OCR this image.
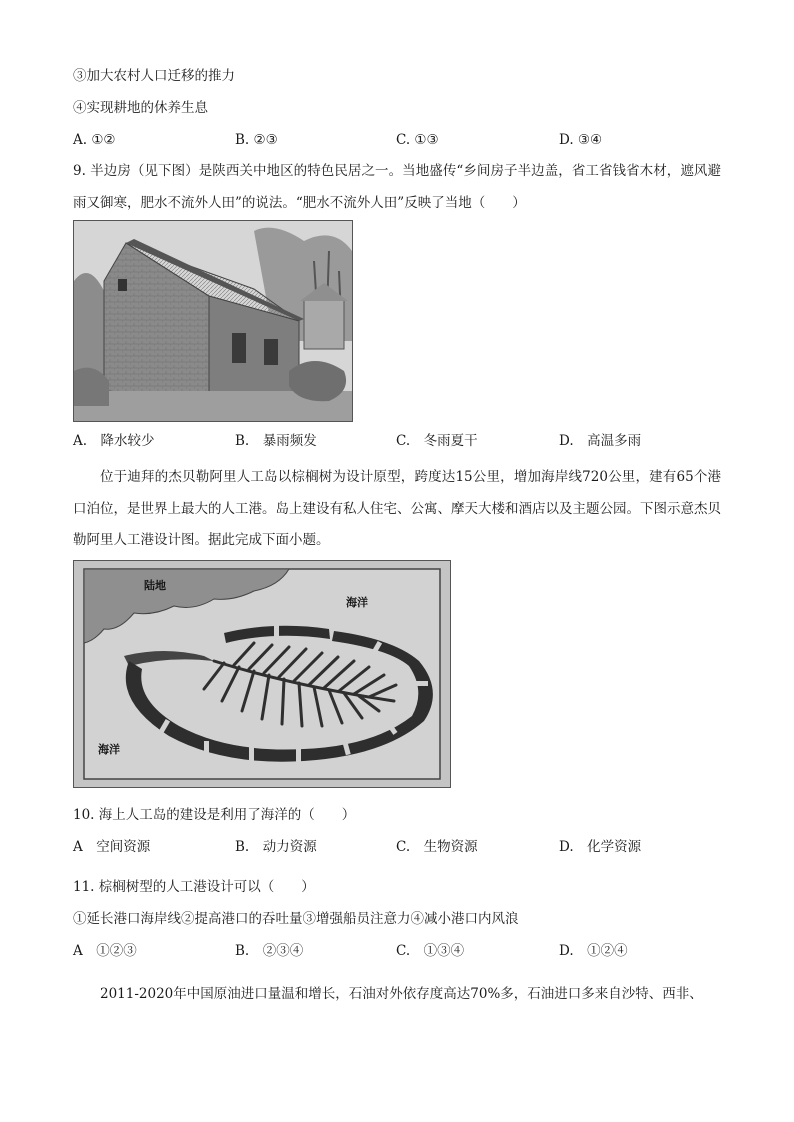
③加大农村人口迁移的推力
④实现耕地的休养生息
A. ①②	B. ②③	C. ①③	D. ③④
9. 半边房（见下图）是陕西关中地区的特色民居之一。当地盛传“乡间房子半边盖，省工省钱省木材，遮风避雨又御寒，肥水不流外人田”的说法。“肥水不流外人田”反映了当地（　　）
A.　降水较少	B.　暴雨频发	C.　冬雨夏干	D.　高温多雨
位于迪拜的杰贝勒阿里人工岛以棕榈树为设计原型，跨度达15公里，增加海岸线720公里，建有65个港口泊位，是世界上最大的人工港。岛上建设有私人住宅、公寓、摩天大楼和酒店以及主题公园。下图示意杰贝勒阿里人工港设计图。据此完成下面小题。
陆地
海洋
海洋
10. 海上人工岛的建设是利用了海洋的（　　）
A　空间资源	B.　动力资源	C.　生物资源	D.　化学资源
11. 棕榈树型的人工港设计可以（　　）
①延长港口海岸线②提高港口的吞吐量③增强船员注意力④减小港口内风浪
A　①②③	B.　②③④	C.　①③④	D.　①②④
2011-2020年中国原油进口量温和增长，石油对外依存度高达70%多，石油进口多来自沙特、西非、
